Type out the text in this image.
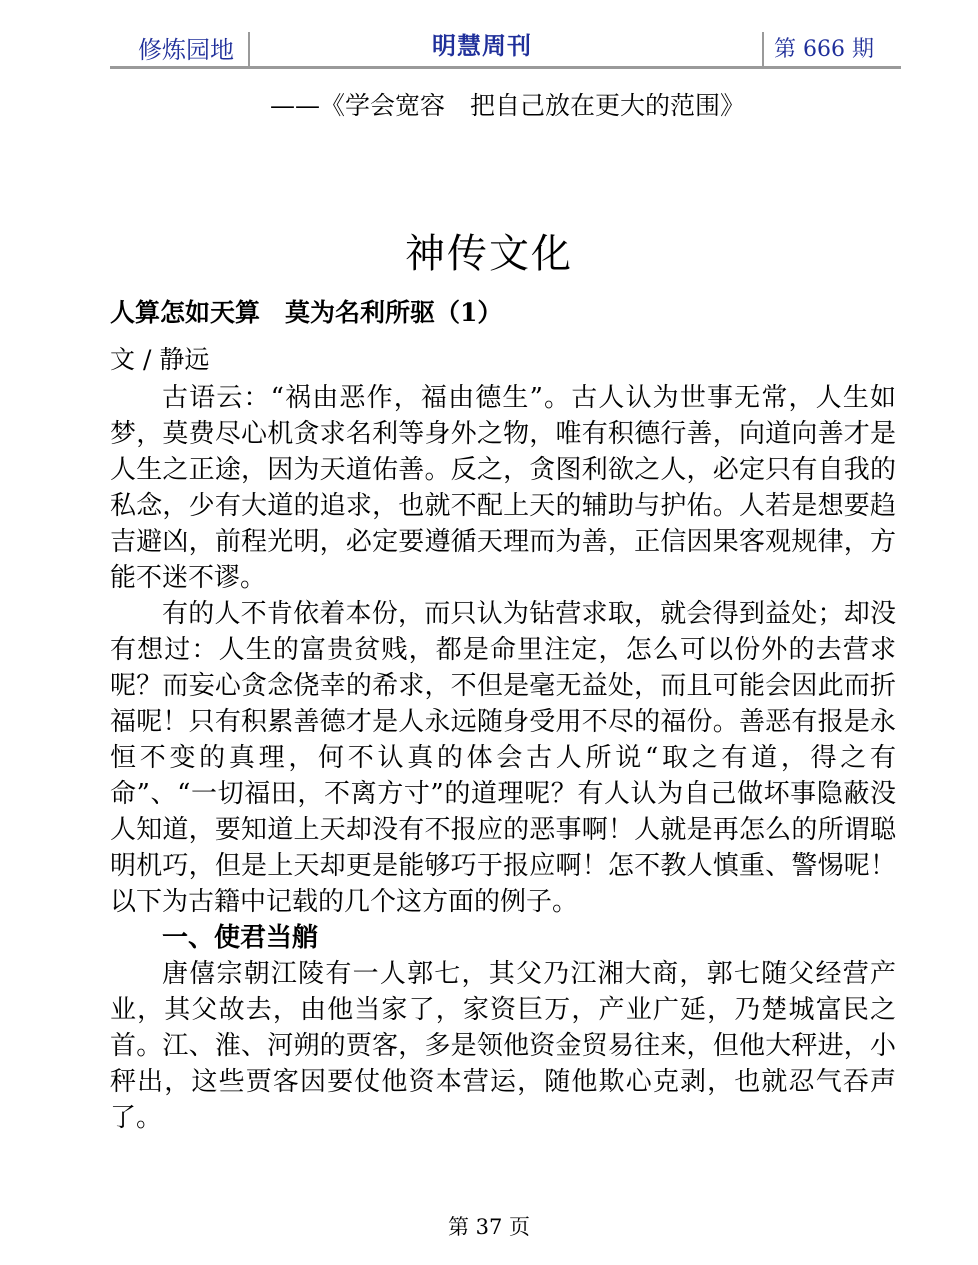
修炼园地	明慧周刊	第 666 期
——《学会宽容　把自己放在更大的范围》
神传文化
人算怎如天算　莫为名利所驱（1）
文 / 静远

古语云：“祸由恶作，福由德生”。古人认为世事无常，人生如梦，莫费尽心机贪求名利等身外之物，唯有积德行善，向道向善才是人生之正途，因为天道佑善。反之，贪图利欲之人，必定只有自我的私念，少有大道的追求，也就不配上天的辅助与护佑。人若是想要趋吉避凶，前程光明，必定要遵循天理而为善，正信因果客观规律，方能不迷不谬。

有的人不肯依着本份，而只认为钻营求取，就会得到益处；却没有想过：人生的富贵贫贱，都是命里注定，怎么可以份外的去营求呢？而妄心贪念侥幸的希求，不但是毫无益处，而且可能会因此而折福呢！只有积累善德才是人永远随身受用不尽的福份。善恶有报是永恒不变的真理，何不认真的体会古人所说“取之有道，得之有命”、“一切福田，不离方寸”的道理呢？有人认为自己做坏事隐蔽没人知道，要知道上天却没有不报应的恶事啊！人就是再怎么的所谓聪明机巧，但是上天却更是能够巧于报应啊！怎不教人慎重、警惕呢！以下为古籍中记载的几个这方面的例子。

一、使君当艄

唐僖宗朝江陵有一人郭七，其父乃江湘大商，郭七随父经营产业，其父故去，由他当家了，家资巨万，产业广延，乃楚城富民之首。江、淮、河朔的贾客，多是领他资金贸易往来，但他大秤进，小秤出，这些贾客因要仗他资本营运，随他欺心克剥，也就忍气吞声了。

第 37 页
